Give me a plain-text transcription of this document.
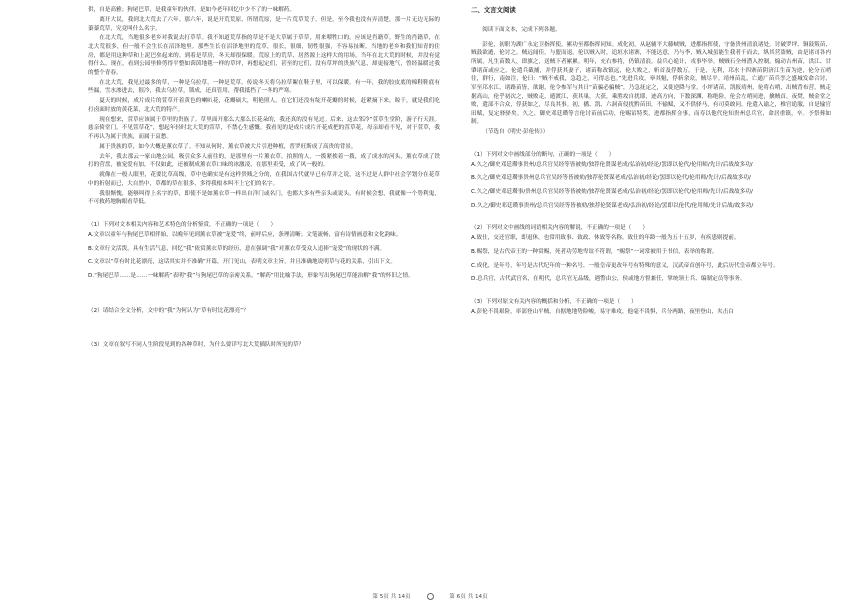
供，自是高雅；狗尾巴草，是我童年的伙伴。是如今老年回忆中少不了的一味解药。

离开大民，我到北大荒去了六年。那六年，说是开荒荒原，所谓荒原，是一片荒草荒子。但是，至今我也没有弄清楚，那一片无边无际的蓁蓁荒草，究竟叫什么名字。

在北大荒，当地很多老乡对我说去打草草。我不知道荒草指的草是不是大草属于草草，用来喂牲口的，应该是肖籍草。野生的肖籍草，在北大荒很多，但一般不会生长在沼泽地里。那些生长在沼泽地里的荒草，很长，很细，韧性很强，不容易扯断。当地的老乡和我们知青的住房，都是用这种草和上泥巴垒起来的。到着是草房，冬天却很保暖。荒原上的荒草，居然源上这样大的用场。当年在北大荒的时候，并没有觉得什么。现在，看到公园里修剪得平整如茵茵地毯一样的草坪，再想起定们，甚至的它们，没有草坪的贵族气息，却更接地气，曾经温暖过我的整个青春。

在北大荒，我见过最多的草，一种是乌拉草，一种是荒草。传说冬天将乌拉草絮在鞋子里，可以保暖，有一年，我的胶皮底的棉鞋鞋底有些漏，雪水渗进去，很冷，我去乌拉草，锁成，还真管用，帮我抵挡了一冬的严寒。

夏天的时候，成片成片的萱草开着黄色的喇叭花，花瓣硕大，明艳照人。在它们还没有绽开花瓣的时候，赶紧摘下来，晾干，就是我们吃打卤面时放的黄花菜，北大荒的特产。

现在想来，萱草应该属于草里的贵族了。草里面开那么大那么长花朵的，我还真的没有见过。后来，这去邻冷“萱草生堂阶，游子行天涯。慈亲倚堂门，不见萱草花”，想起年轻时北大荒的萱草，不禁心生感慨。我看见的是成片成片开花成把的萱草花，母亲却看不见，对于萱草，我不再认为属于贵族，而属于哀愁。

属于贵族的草，如今大概是薰衣草了。不知从何时，薰衣草被大片引进种植，普罗旺斯成了高贵的背景。

去年，我去那云一家山地公园，吸引众多人前往的，是那里有一片薰衣草。拍照的人，一拨紧挨着一拨，成了成水的河头，薰衣草成了铁打的营盘，被宠爱有加，不仅如此，还被制成薰衣草口味的冰激凌，在那里卖受，成了风一般的。

就像在一般人眼里，花要比草高级，草中也确实是有这样贵贱之分的，在我国古代就早已有草并之说，这不过是人群中社会学划分在花草中的折射而已，大自然中，草都的草在很多，多得我根本叫不上它们的名字。

我很惭愧，能够叫得上名字的草，即使不是如薰衣草一样出自洋门或名门，也都大多有些亲头或说头，有时候会想，我就像一个势利鬼，不可救药地胸眼看草低。

（1）下列对文本相关内容和艺术特色的分析鉴赏，不正确的一项是（　　）

A.文章以童年与狗尾巴草相伴始，以晚年见到薰衣草被“宠爱”终，前呼后应，条理清晰；文笔流畅，富有诗情画意和文化韵味。

B.文章行文活泼，具有生活气息，回忆“我”依赏薰衣草的经历，意在强调“我”对薰衣草受众人追捧“宠爱”的现状的不满。

C.文章以“草有时比花漂亮，这话其实并不准确”开篇，开门见山，表明文章主旨，并且准确地说明草与花的关系，引出下文。

D.“狗尾巴草……是……一味解药”表明“我”与狗尾巴草的亲密关系，“解药”用比喻手法，形象写出狗尾巴草能治解“我”的怀旧之情。

（2）请结合全文分析，文中的“我”为何认为“草有时比花漂亮”？

（3）文章在叙写不同人生阶段见到的各种草时，为什么要详写北大荒插队时所见的草？

二、文言文阅读

阅读下面文本，完成下列各题。

彭伦，初职为湖广永定卫指挥使，累功至都指挥同知。成化初，从赵辅平大藤峡贼，进都指挥使，守备贵州清浪诸处。讨破罗坪、铜鼓叛苗，贼鼓欲遁，伦讨之，贼远闻佳，与盟而退。伦以贼入时，追垣水诸寨，不能达意，乃与李，贼入城虽能生我者千而去，纵其营盗贼，由是诸司各内所属，凡生苗数人，即旗之，送贼下者累累。明年，充右参将，仍镇清浪。益兵心诡计，戎事毕举。贼贼石全州潜入控制，煽动吉州苗，洪江、甘肇诸苗或应之。伦遣兵截捕，并俘获其妻子，诸苗称改镇远，伦大败之，斩首及俘数万。于是，无利，邛水十四寨苗阴济江生苗为逆，伦分五哨往，群行，南如注，伦曰：“贼不戒我，急趋之，可得志也。”先进兵攻，皋其魁，俘斩余众，贼尽平。靖州苗乱，亡通广苗兵孪之盛城发命合讨，军至邛水江，诸路苗皆，欲谢，伦令参军与其日“苗骗必骗贼”，乃急抚定之，又徙逆降与堂，小坪诸苗，凯报靖州，伦将右哨，出贼背布营，贼走据高山，伦乎初次之，贼败走，遁渡江，获其巢，大获，乘胜攻自扰耶，迹高方向，下数深渊，称绝险，伦会左哨同进，擒贼首，夜焚，贼金堂之败，遣部不合众，俘获如之，尽良其事。初，播、凯、六洞苗侵扰黔苗田，不输赋，又不供驿马，有司莫敢问。伦遣入谕之，椎官诡服，自是输官田赋，复定驿驿矣。久之，御史邓廷瓒等言伦讨苗前后功，伦赐诏特奖，进都指挥佥事，而寿以他代伦知贵州总兵官，命居重镇，卒。予祭葬如制。

（节选自《明史·彭伦传》）

（1）下列对文中画线部分的断句，正确的一项是（　　）

A.久之/御史邓廷瓒事贵州/总兵官吴经等皆被劾/独荐伦贤谋老成/弘治初/经论/罢即以伦代/伦用师/先计/后战故多功/

B.久之/御史邓廷瓒事贵州总兵官吴经等皆被劾/独荐伦贤谋老成/弘治初/经论/罢即以伦代/伦用师/先计/后战故多功/

C.久之/御史邓廷瓒事/贵州总兵官吴经等皆被劾/独荐伦贤谋老成/弘治初/经论/罢即以伦代/伦用师/先计/后战故多功/

D.久之/御史邓廷瓒事贵州/总兵官吴经等皆被劾/独荐伦贤谋老成/弘治初/经论/罢即以伦代/伦用师/先计后战/故多功/

（2）下列对文中画线的词语相关内容的解说，不正确的一项是（　　）

A.致仕，交还官职，即退休，也常用致事、致政、休致等名称，致仕的年龄一般为五十五岁，有疾患则提前。

B.赐祭，是古代帝王的一种赏赐，死者功劳地卑谊不符谓，“赐祭”一词常被用于书信，表举的称谓。

C.成化，是年号，年号是古代纪年的一种名号，一般皇帝更改年号有特殊的意义，汉武帝首创年号，此后历代皇帝都立年号。

D.总兵官，古代武官名，在明代，总兵官无品级，遇警由公，侯或地方督兼任，掌统领士兵、编制定员等事务。

（3）下列对原文有关内容的概括和分析，不正确的一项是（　　）

A.彭伦不畏艰险，率部登山平贼。自据地地势险峻，易守难攻，他毫不畏惧，兵分两路，夜里登山，夹击白

第 5页 共 14页	第 6页 共 14页
